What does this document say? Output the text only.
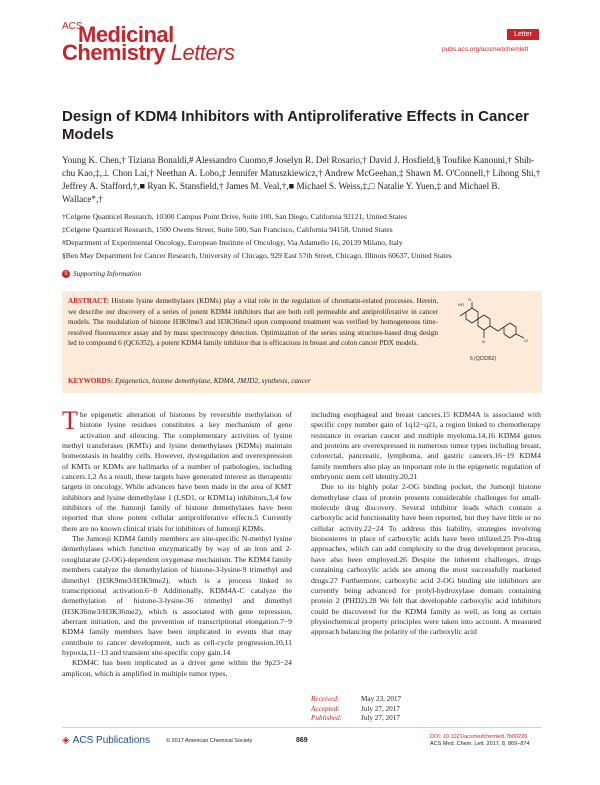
ACS
Medicinal
Chemistry Letters
Letter
pubs.acs.org/acsmedchemlett
Design of KDM4 Inhibitors with Antiproliferative Effects in Cancer Models
Young K. Chen,† Tiziana Bonaldi,# Alessandro Cuomo,# Joselyn R. Del Rosario,† David J. Hosfield,§ Toufike Kanouni,† Shih-chu Kao,‡,⊥ Chon Lai,† Neethan A. Lobo,‡ Jennifer Matuszkiewicz,† Andrew McGeehan,‡ Shawn M. O'Connell,† Lihong Shi,† Jeffrey A. Stafford,†,■ Ryan K. Stansfield,† James M. Veal,†,■ Michael S. Weiss,‡,□ Natalie Y. Yuen,‡ and Michael B. Wallace*,†
†Celgene Quanticel Research, 10300 Campus Point Drive, Suite 100, San Diego, California 92121, United States
‡Celgene Quanticel Research, 1500 Owens Street, Suite 500, San Francisco, California 94158, United States
#Department of Experimental Oncology, European Institute of Oncology, Via Adamello 16, 20139 Milano, Italy
§Ben May Department for Cancer Research, University of Chicago, 929 East 57th Street, Chicago, Illinois 60637, United States
S Supporting Information
ABSTRACT: Histone lysine demethylases (KDMs) play a vital role in the regulation of chromatin-related processes. Herein, we describe our discovery of a series of potent KDM4 inhibitors that are both cell permeable and antiproliferative in cancer models. The modulation of histone H3K9me3 and H3K36me3 upon compound treatment was verified by homogeneous time-resolved fluorescence assay and by mass spectroscopy detection. Optimization of the series using structure-based drug design led to compound 6 (QC6352), a potent KDM4 family inhibitor that is efficacious in breast and colon cancer PDX models.
HO
O
N	Cl
6 (QC6352)
KEYWORDS: Epigenetics, histone demethylase, KDM4, JMJD2, synthesis, cancer

The epigenetic alteration of histones by reversible methylation of histone lysine residues constitutes a key mechanism of gene activation and silencing. The complementary activities of lysine methyl transferases (KMTs) and lysine demethylases (KDMs) maintain homeostasis in healthy cells. However, dysregulation and overexpression of KMTs or KDMs are hallmarks of a number of pathologies, including cancers.1,2 As a result, these targets have generated interest as therapeutic targets in oncology. While advances have been made in the area of KMT inhibitors and lysine demethylase 1 (LSD1, or KDM1a) inhibitors,3,4 few inhibitors of the Jumonji family of histone demethylases have been reported that show potent cellular antiproliferative effects.5 Currently there are no known clinical trials for inhibitors of Jumonji KDMs.

The Jumonji KDM4 family members are site-specific N-methyl lysine demethylases which function enzymatically by way of an iron and 2-oxoglutarate (2-OG)-dependent oxygenase mechanism. The KDM4 family members catalyze the demethylation of histone-3-lysine-9 trimethyl and dimethyl (H3K9me3/H3K9me2), which is a process linked to transcriptional activation.6−8 Additionally, KDM4A-C catalyze the demethylation of histone-3-lysine-36 trimethyl and dimethyl (H3K36me3/H3K36me2), which is associated with gene repression, aberrant initiation, and the prevention of transcriptional elongation.7−9 KDM4 family members have been implicated in events that may contribute to cancer development, such as cell-cycle progression,10,11 hypoxia,11−13 and transient site-specific copy gain.14

KDM4C has been implicated as a driver gene within the 9p23−24 amplicon, which is amplified in multiple tumor types,

including esophageal and breast cancers.15 KDM4A is associated with specific copy number gain of 1q12−q21, a region linked to chemotherapy resistance in ovarian cancer and multiple myeloma.14,16 KDM4 genes and proteins are overexpressed in numerous tumor types including breast, colorectal, pancreatic, lymphoma, and gastric cancers.16−19 KDM4 family members also play an important role in the epigenetic regulation of embryonic stem cell identity.20,21

Due to its highly polar 2-OG binding pocket, the Jumonji histone demethylase class of protein presents considerable challenges for small-molecule drug discovery. Several inhibitor leads which contain a carboxylic acid functionality have been reported, but they have little or no cellular activity.22−24 To address this liability, strategies involving bioisosteres in place of carboxylic acids have been utilized.25 Pro-drug approaches, which can add complexity to the drug development process, have also been employed.26 Despite the inherent challenges, drugs containing carboxylic acids are among the most successfully marketed drugs.27 Furthermore, carboxylic acid 2-OG binding site inhibitors are currently being advanced for prolyl-hydroxylase domain containing protein 2 (PHD2).28 We felt that developable carboxylic acid inhibitors could be discovered for the KDM4 family as well, as long as certain physiochemical property principles were taken into account. A measured approach balancing the polarity of the carboxylic acid

Received:	May 23, 2017
Accepted:	July 27, 2017
Published:	July 27, 2017
◈ ACS Publications	© 2017 American Chemical Society	869	DOI: 10.1021/acsmedchemlett.7b00220
ACS Med. Chem. Lett. 2017, 8, 869−874
